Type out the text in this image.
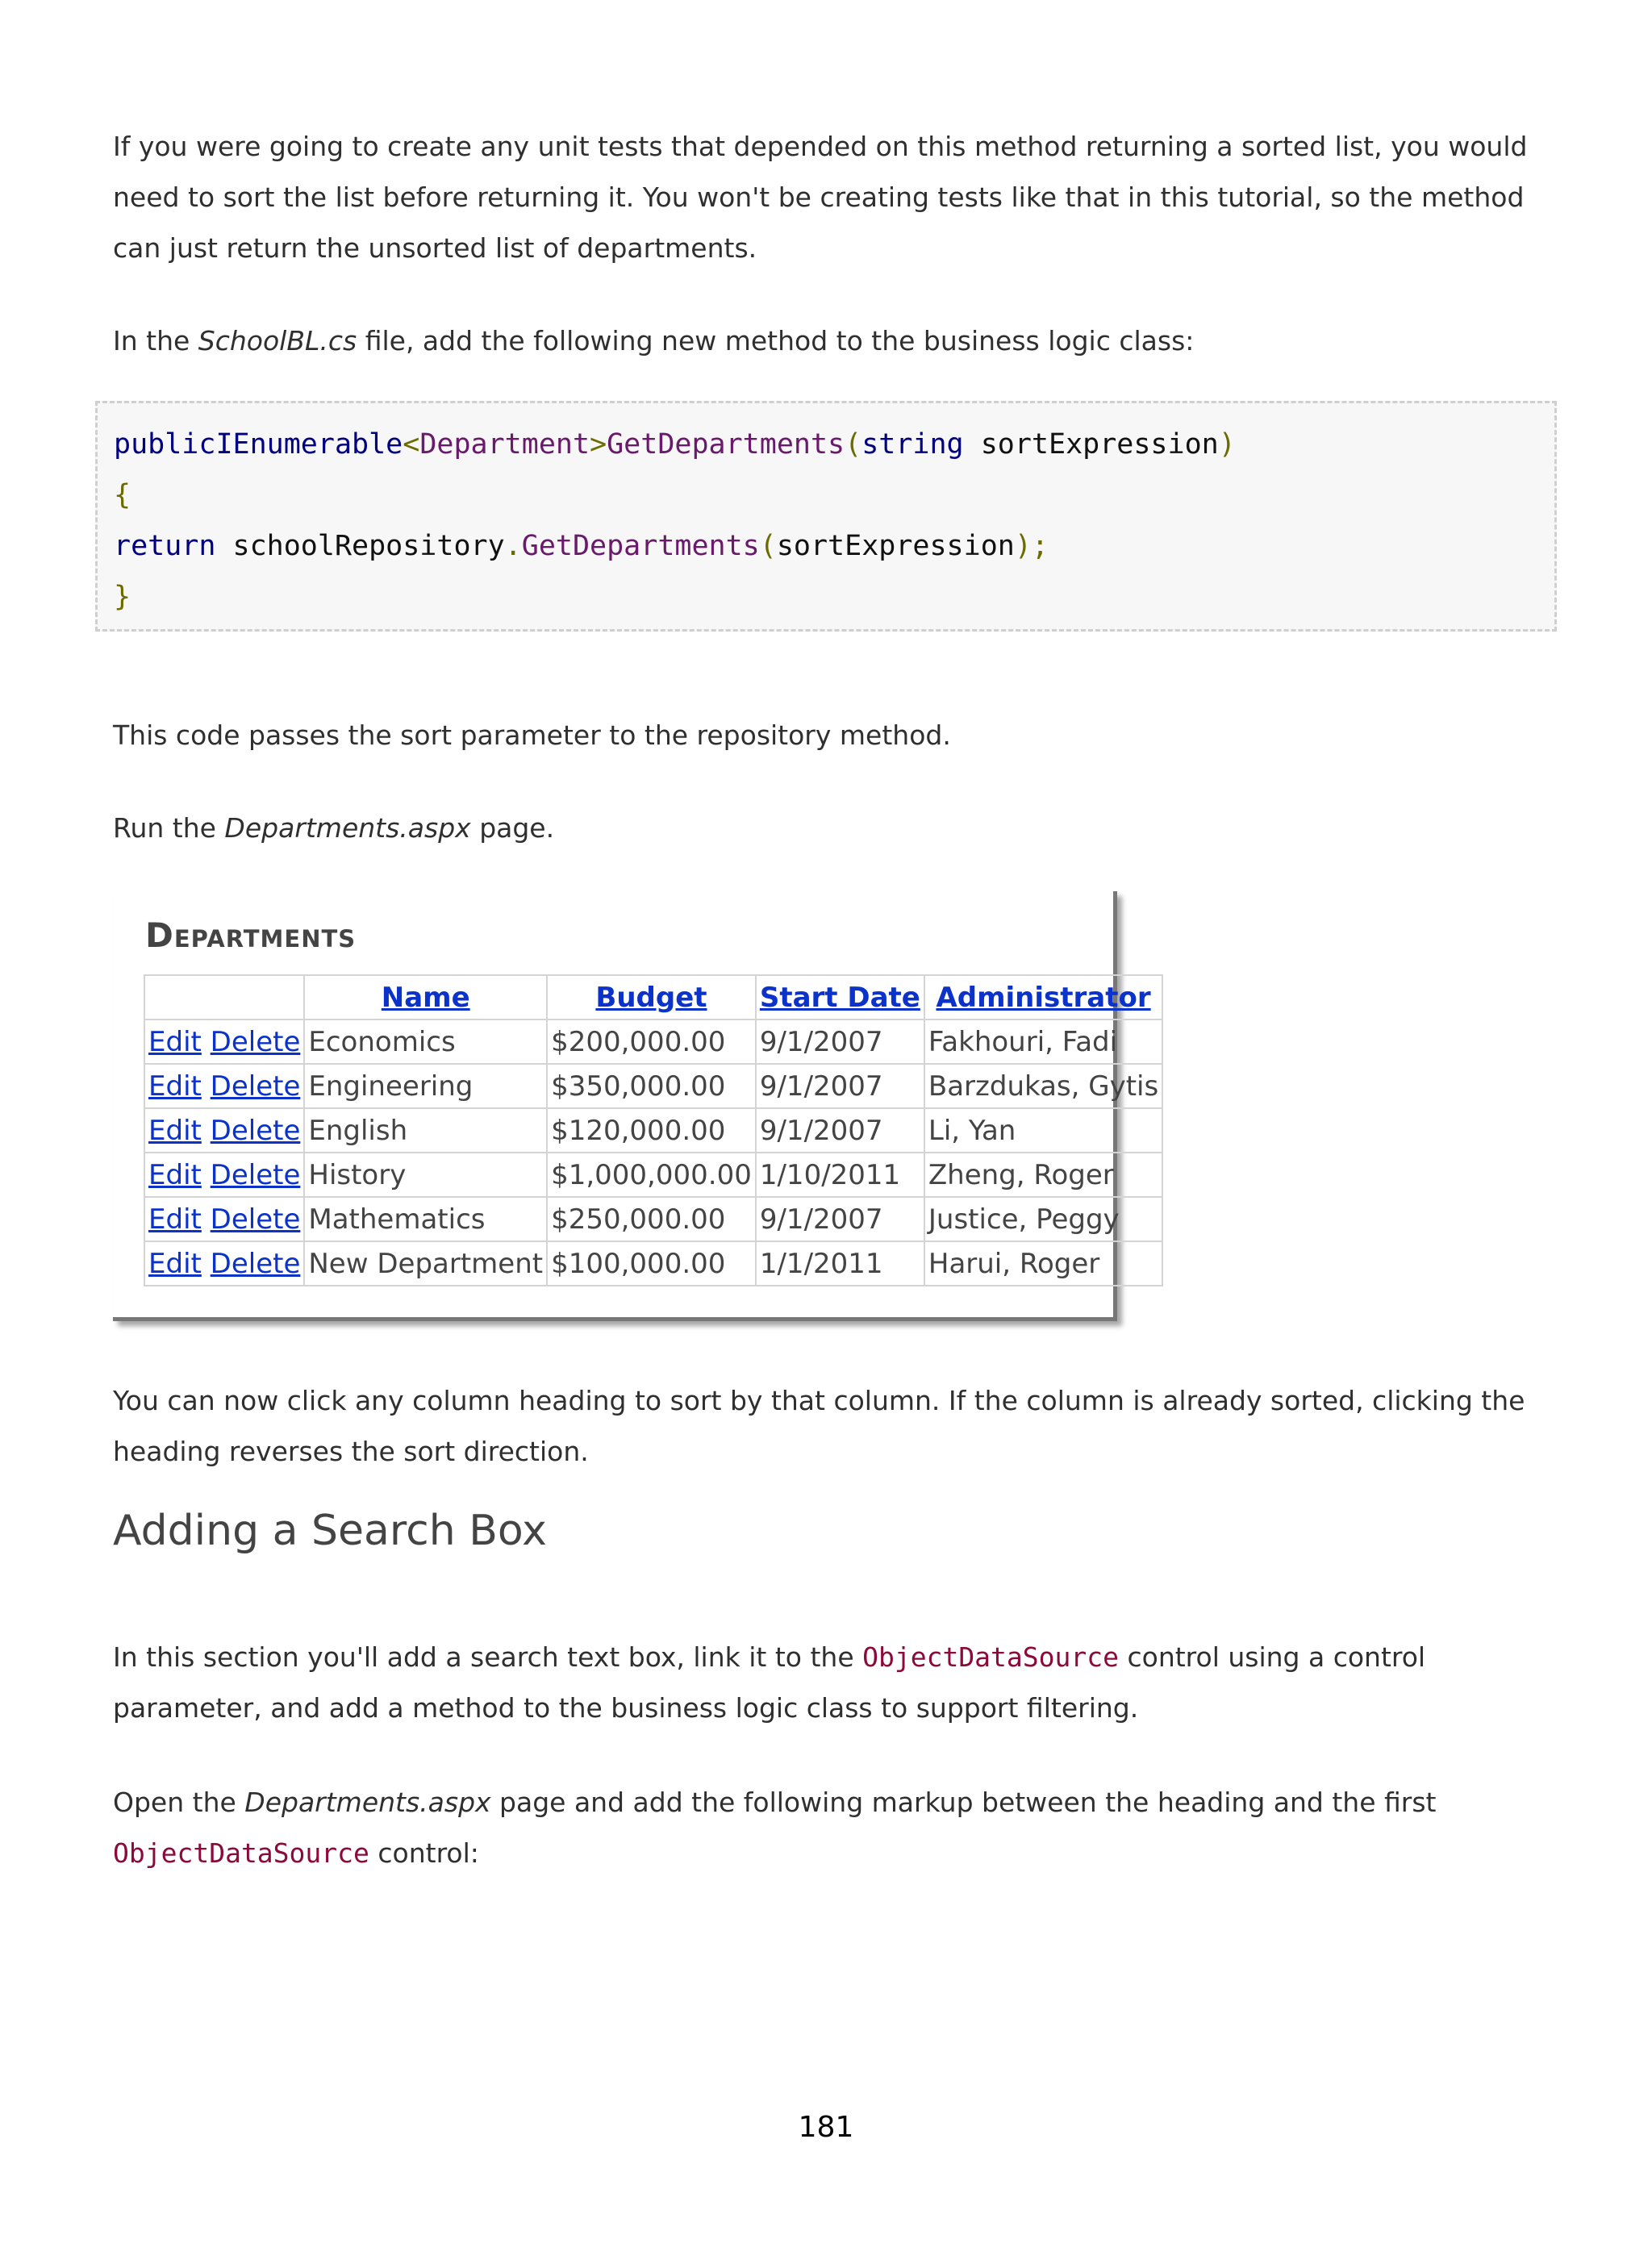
If you were going to create any unit tests that depended on this method returning a sorted list, you would need to sort the list before returning it. You won't be creating tests like that in this tutorial, so the method can just return the unsorted list of departments.

In the SchoolBL.cs file, add the following new method to the business logic class:

publicIEnumerable<Department>GetDepartments(string sortExpression)
{
return schoolRepository.GetDepartments(sortExpression);
}

This code passes the sort parameter to the repository method.

Run the Departments.aspx page.

Departments
	Name	Budget	Start Date	Administrator
Edit Delete	Economics	$200,000.00	9/1/2007	Fakhouri, Fadi
Edit Delete	Engineering	$350,000.00	9/1/2007	Barzdukas, Gytis
Edit Delete	English	$120,000.00	9/1/2007	Li, Yan
Edit Delete	History	$1,000,000.00	1/10/2011	Zheng, Roger
Edit Delete	Mathematics	$250,000.00	9/1/2007	Justice, Peggy
Edit Delete	New Department	$100,000.00	1/1/2011	Harui, Roger

You can now click any column heading to sort by that column. If the column is already sorted, clicking the heading reverses the sort direction.

Adding a Search Box

In this section you'll add a search text box, link it to the ObjectDataSource control using a control parameter, and add a method to the business logic class to support filtering.

Open the Departments.aspx page and add the following markup between the heading and the first ObjectDataSource control:

181
